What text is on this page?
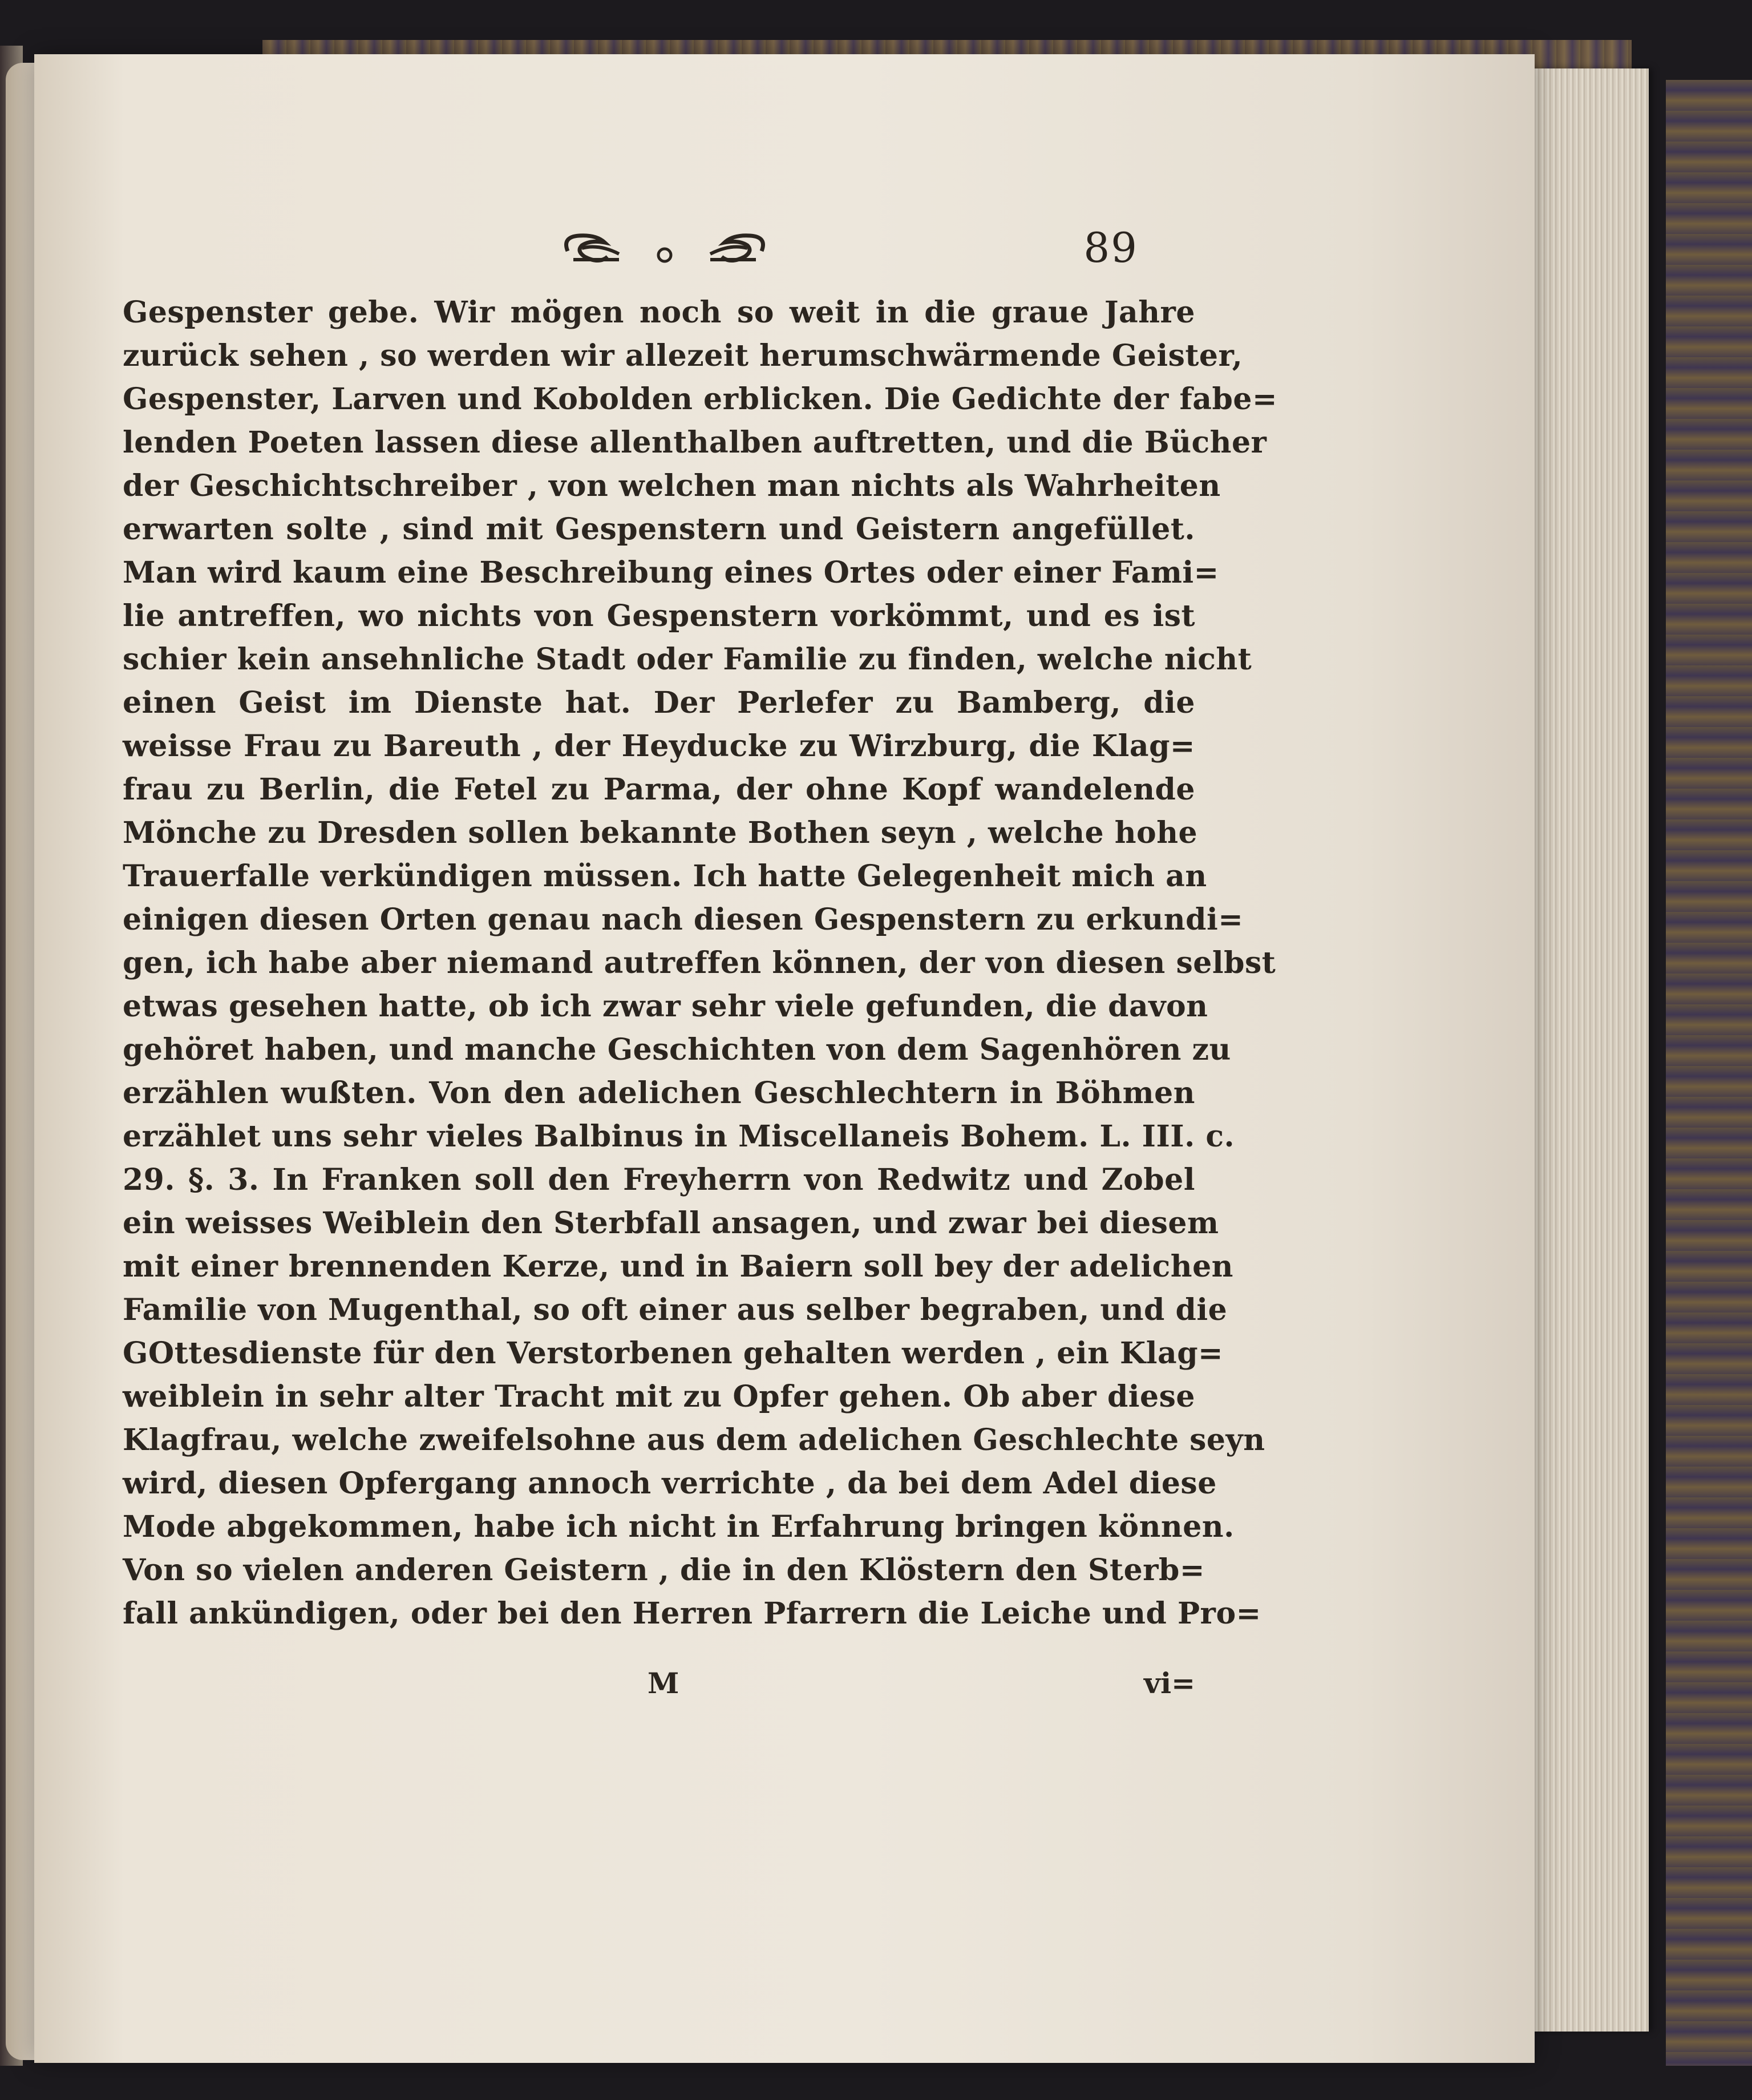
89
Gespenster gebe. Wir mögen noch so weit in die graue Jahre
zurück sehen , so werden wir allezeit herumschwärmende Geister,
Gespenster, Larven und Kobolden erblicken. Die Gedichte der fabe=
lenden Poeten lassen diese allenthalben auftretten, und die Bücher
der Geschichtschreiber , von welchen man nichts als Wahrheiten
erwarten solte , sind mit Gespenstern und Geistern angefüllet.
Man wird kaum eine Beschreibung eines Ortes oder einer Fami=
lie antreffen, wo nichts von Gespenstern vorkömmt, und es ist
schier kein ansehnliche Stadt oder Familie zu finden, welche nicht
einen Geist im Dienste hat. Der Perlefer zu Bamberg, die
weisse Frau zu Bareuth , der Heyducke zu Wirzburg, die Klag=
frau zu Berlin, die Fetel zu Parma, der ohne Kopf wandelende
Mönche zu Dresden sollen bekannte Bothen seyn , welche hohe
Trauerfalle verkündigen müssen. Ich hatte Gelegenheit mich an
einigen diesen Orten genau nach diesen Gespenstern zu erkundi=
gen, ich habe aber niemand autreffen können, der von diesen selbst
etwas gesehen hatte, ob ich zwar sehr viele gefunden, die davon
gehöret haben, und manche Geschichten von dem Sagenhören zu
erzählen wußten. Von den adelichen Geschlechtern in Böhmen
erzählet uns sehr vieles Balbinus in Miscellaneis Bohem. L. III. c.
29. §. 3. In Franken soll den Freyherrn von Redwitz und Zobel
ein weisses Weiblein den Sterbfall ansagen, und zwar bei diesem
mit einer brennenden Kerze, und in Baiern soll bey der adelichen
Familie von Mugenthal, so oft einer aus selber begraben, und die
GOttesdienste für den Verstorbenen gehalten werden , ein Klag=
weiblein in sehr alter Tracht mit zu Opfer gehen. Ob aber diese
Klagfrau, welche zweifelsohne aus dem adelichen Geschlechte seyn
wird, diesen Opfergang annoch verrichte , da bei dem Adel diese
Mode abgekommen, habe ich nicht in Erfahrung bringen können.
Von so vielen anderen Geistern , die in den Klöstern den Sterb=
fall ankündigen, oder bei den Herren Pfarrern die Leiche und Pro=
M	vi=
